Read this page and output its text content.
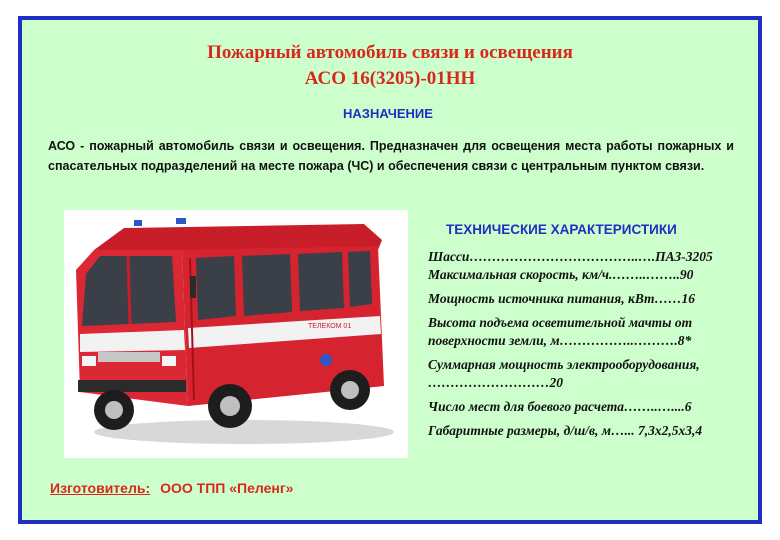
Пожарный автомобиль связи и освещения
АСО 16(3205)-01НН
НАЗНАЧЕНИЕ
АСО - пожарный автомобиль связи и освещения. Предназначен для освещения места работы пожарных и спасательных подразделений на месте пожара (ЧС) и обеспечения связи с центральным пунктом связи.
ТЕЛЕКОМ 01
ТЕХНИЧЕСКИЕ ХАРАКТЕРИСТИКИ
Шасси………………………………..….ПАЗ-3205
Максимальная скорость, км/ч.……..……..90
Мощность источника питания, кВт……16
Высота подъема осветительной мачты от поверхности земли, м……………..……….8*
Суммарная мощность электрооборудования, ………………………20
Число мест для боевого расчета……..…....6
Габаритные размеры, д/ш/в, м…... 7,3х2,5х3,4
Изготовитель: ООО ТПП «Пеленг»
